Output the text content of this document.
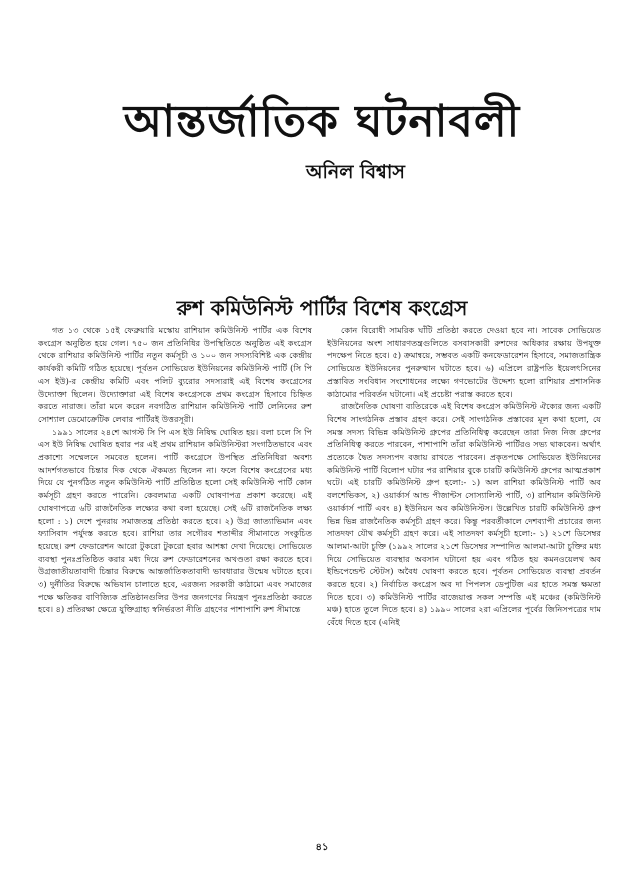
আন্তর্জাতিক ঘটনাবলী

অনিল বিশ্বাস

রুশ কমিউনিস্ট পার্টির বিশেষ কংগ্রেস

গত ১৩ থেকে ১৫ই ফেব্রুয়ারি মস্কোয় রাশিয়ান কমিউনিস্ট পার্টির এক বিশেষ কংগ্রেস অনুষ্ঠিত হয়ে গেল। ৭৫০ জন প্রতিনিধির উপস্থিতিতে অনুষ্ঠিত এই কংগ্রেস থেকে রাশিয়ার কমিউনিস্ট পার্টির নতুন কর্মসূচী ও ১০০ জন সদস্যবিশিষ্ট এক কেন্দ্রীয় কার্যকরী কমিটি গঠিত হয়েছে। পূর্বতন সোভিয়েত ইউনিয়নের কমিউনিস্ট পার্টি (সি পি এস ইউ)-র কেন্দ্রীয় কমিটি এবং পলিট ব্যুরোর সদস্যরাই এই বিশেষ কংগ্রেসের উদ্যোক্তা ছিলেন। উদ্যোক্তারা এই বিশেষ কংগ্রেসকে প্রথম কংগ্রেস হিসাবে চিহ্নিত করতে নারাজ। তাঁরা মনে করেন নবগঠিত রাশিয়ান কমিউনিস্ট পার্টি লেনিনের রুশ সোশ্যাল ডেমোক্রেটিক লেবার পার্টিরই উত্তরসূরী।

১৯৯১ সালের ২৪শে আগস্ট সি পি এস ইউ নিষিদ্ধ ঘোষিত হয়। বলা চলে সি পি এস ইউ নিষিদ্ধ ঘোষিত হবার পর এই প্রথম রাশিয়ান কমিউনিস্টরা সংগঠিতভাবে এবং প্রকাশ্যে সম্মেলনে সমবেত হলেন। পার্টি কংগ্রেসে উপস্থিত প্রতিনিধিরা অবশ্য আদর্শগতভাবে চিন্তার দিক থেকে ঐকমত্য ছিলেন না। ফলে বিশেষ কংগ্রেসের মধ্য দিয়ে যে পুনর্গঠিত নতুন কমিউনিস্ট পার্টি প্রতিষ্ঠিত হলো সেই কমিউনিস্ট পার্টি কোন কর্মসূচী গ্রহণ করতে পারেনি। কেবলমাত্র একটি ঘোষণাপত্র প্রকাশ করেছে। এই ঘোষণাপত্রে ৬টি রাজনৈতিক লক্ষ্যের কথা বলা হয়েছে। সেই ৬টি রাজনৈতিক লক্ষ্য হলো : ১) দেশে পুনরায় সমাজতন্ত্র প্রতিষ্ঠা করতে হবে। ২) উগ্র জাত্যাভিমান এবং ফ্যাসিবাদ পর্যুদস্ত করতে হবে। রাশিয়া তার সগৌরব শতাব্দীর সীমানাতে সংকুচিত হয়েছে। রুশ ফেডারেশন আরো টুকরো টুকরো হবার আশঙ্কা দেখা দিয়েছে। সোভিয়েত ব্যবস্থা পুনঃপ্রতিষ্ঠিত করার মধ্য দিয়ে রুশ ফেডারেশনের অখণ্ডতা রক্ষা করতে হবে। উগ্রজাতীয়তাবাদী চিন্তার বিরুদ্ধে আন্তর্জাতিকতাবাদী ভাবধারার উন্মেষ ঘটাতে হবে। ৩) দুর্নীতির বিরুদ্ধে অভিযান চালাতে হবে, এরজন্য সরকারী কাঠামো এবং সমাজের পক্ষে ক্ষতিকর বাণিজ্যিক প্রতিষ্ঠানগুলির উপর জনগণের নিয়ন্ত্রণ পুনঃপ্রতিষ্ঠা করতে হবে। ৪) প্রতিরক্ষা ক্ষেত্রে যুক্তিগ্রাহ্য স্বনির্ভরতা নীতি গ্রহণের পাশাপাশি রুশ সীমান্তে

কোন বিরোধী সামরিক ঘাঁটি প্রতিষ্ঠা করতে দেওয়া হবে না। সাবেক সোভিয়েত ইউনিয়নের অংশ সাধারণতন্ত্রগুলিতে বসবাসকারী রুশদের অধিকার রক্ষায় উপযুক্ত পদক্ষেপ নিতে হবে। ৫) ক্রমান্বয়ে, সম্ভবত একটি কনফেডারেশন হিসাবে, সমাজতান্ত্রিক সোভিয়েত ইউনিয়নের পুনরুত্থান ঘটাতে হবে। ৬) এপ্রিলে রাষ্ট্রপতি ইয়েলৎসিনের প্রস্তাবিত সংবিধান সংশোধনের লক্ষ্যে গণভোটের উদ্দেশ্য হলো রাশিয়ার প্রশাসনিক কাঠামোর পরিবর্তন ঘটানো। এই প্রচেষ্টা পরাস্ত করতে হবে।

রাজনৈতিক ঘোষণা ব্যতিরেকে এই বিশেষ কংগ্রেস কমিউনিস্ট ঐক্যের জন্য একটি বিশেষ সাংগঠনিক প্রস্তাব গ্রহণ করে। সেই সাংগঠনিক প্রস্তাবের মূল কথা হলো, যে সমস্ত সদস্য বিভিন্ন কমিউনিস্ট গ্রুপের প্রতিনিধিত্ব করেছেন তারা নিজ নিজ গ্রুপের প্রতিনিধিত্ব করতে পারবেন, পাশাপাশি তাঁরা কমিউনিস্ট পার্টিরও সভ্য থাকবেন। অর্থাৎ প্রত্যেকে দ্বৈত সদস্যপদ বজায় রাখতে পারবেন। প্রকৃতপক্ষে সোভিয়েত ইউনিয়নের কমিউনিস্ট পার্টি বিলোপ ঘটার পর রাশিয়ার বুকে চারটি কমিউনিস্ট গ্রুপের আত্মপ্রকাশ ঘটে। এই চারটি কমিউনিস্ট গ্রুপ হলো:- ১) অল রাশিয়া কমিউনিস্ট পার্টি অব বলশেভিকস, ২) ওয়ার্কার্স আন্ড পীজান্টস সোস্যালিস্ট পার্টি, ৩) রাশিয়ান কমিউনিস্ট ওয়ার্কার্স পার্টি এবং ৪) ইউনিয়ন অব কমিউনিস্টস। উল্লেখিত চারটি কমিউনিস্ট গ্রুপ ভিন্ন ভিন্ন রাজনৈতিক কর্মসূচী গ্রহণ করে। কিন্তু পরবর্তীকালে দেশব্যাপী প্রচারের জন্য সাতদফা যৌথ কর্মসূচী গ্রহণ করে। এই সাতদফা কর্মসূচী হলো:- ১) ২১শে ডিসেম্বর আলমা-আটা চুক্তি (১৯৯২ সালের ২১শে ডিসেম্বর সম্পাদিত আলমা-আটা চুক্তির মধ্য দিয়ে সোভিয়েত ব্যবস্থার অবসান ঘটানো হয় এবং গঠিত হয় কমনওয়েলথ অব ইন্ডিপেন্ডেন্ট স্টেটস) অবৈধ ঘোষণা করতে হবে। পূর্বতন সোভিয়েত ব্যবস্থা প্রবর্তন করতে হবে। ২) নির্বাচিত কংগ্রেস অব দা পিপলস ডেপুটিজ এর হাতে সমস্ত ক্ষমতা দিতে হবে। ৩) কমিউনিস্ট পার্টির বাজেয়াপ্ত সকল সম্পত্তি এই মঞ্চের (কমিউনিস্ট মঞ্চ) হাতে তুলে দিতে হবে। ৪) ১৯৯০ সালের ২রা এপ্রিলের পূর্বের জিনিসপত্রের দাম বেঁধে দিতে হবে (এনিই

৪১
